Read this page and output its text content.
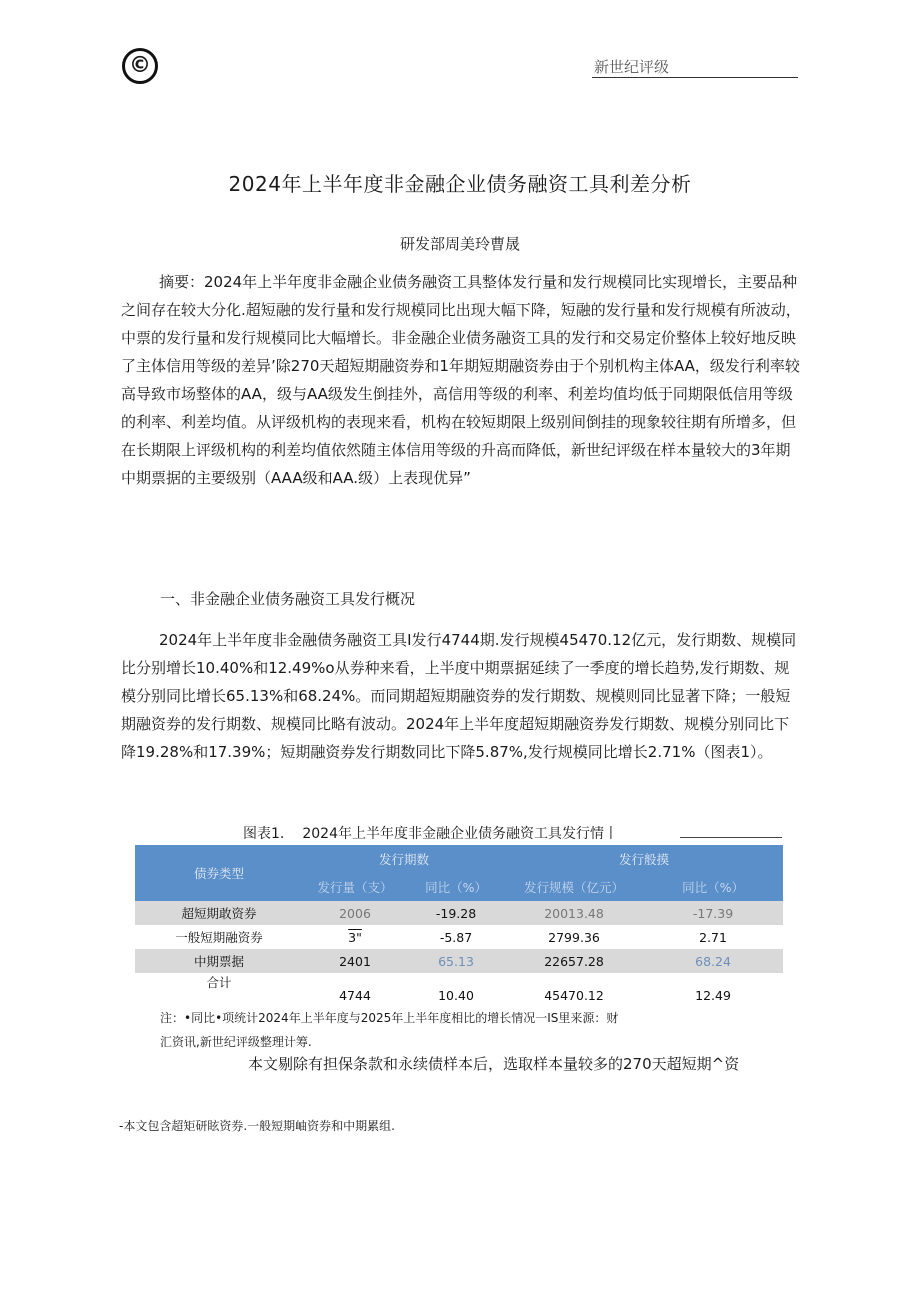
©	新世纪评级
2024年上半年度非金融企业债务融资工具利差分析
研发部周美玲曹晟

摘要：2024年上半年度非金融企业债务融资工具整体发行量和发行规模同比实现增长，主要品种之间存在较大分化.超短融的发行量和发行规模同比出现大幅下降，短融的发行量和发行规模有所波动，中票的发行量和发行规模同比大幅增长。非金融企业债务融资工具的发行和交易定价整体上较好地反映了主体信用等级的差异’除270天超短期融资券和1年期短期融资券由于个别机构主体AA，级发行利率较高导致市场整体的AA，级与AA级发生倒挂外，高信用等级的利率、利差均值均低于同期限低信用等级的利率、利差均值。从评级机构的表现来看，机构在较短期限上级别间倒挂的现象较往期有所增多，但在长期限上评级机构的利差均值依然随主体信用等级的升高而降低，新世纪评级在样本量较大的3年期中期票据的主要级别（AAA级和AA.级）上表现优异”

一、非金融企业债务融资工具发行概况

2024年上半年度非金融债务融资工具I发行4744期.发行规模45470.12亿元，发行期数、规模同比分别增长10.40%和12.49%o从券种来看，上半度中期票据延续了一季度的增长趋势,发行期数、规模分别同比增长65.13%和68.24%。而同期超短期融资券的发行期数、规模则同比显著下降；一般短期融资券的发行期数、规模同比略有波动。2024年上半年度超短期融资券发行期数、规模分别同比下降19.28%和17.39%；短期融资券发行期数同比下降5.87%,发行规模同比增长2.71%（图表1）。

图表1. 2024年上半年度非金融企业债务融资工具发行情丨
债券类型	发行期数		发行般摸	
	发行量（支）	同比（%）	发行规模（亿元）	同比（%）
超短期敢资券	2006	-19.28	20013.48	-17.39
一般短期融资券	3"	-5.87	2799.36	2.71
中期票据	2401	65.13	22657.28	68.24
合计	4744	10.40	45470.12	12.49
注：•同比•项统计2024年上半年度与2025年上半年度相比的增长情况一IS里来源：财
汇资讯,新世纪评级整理计筹.
本文剔除有担保条款和永续债样本后，选取样本量较多的270天超短期^资
-本文包含超矩研眩资券.一般短期岫资券和中期累组.
